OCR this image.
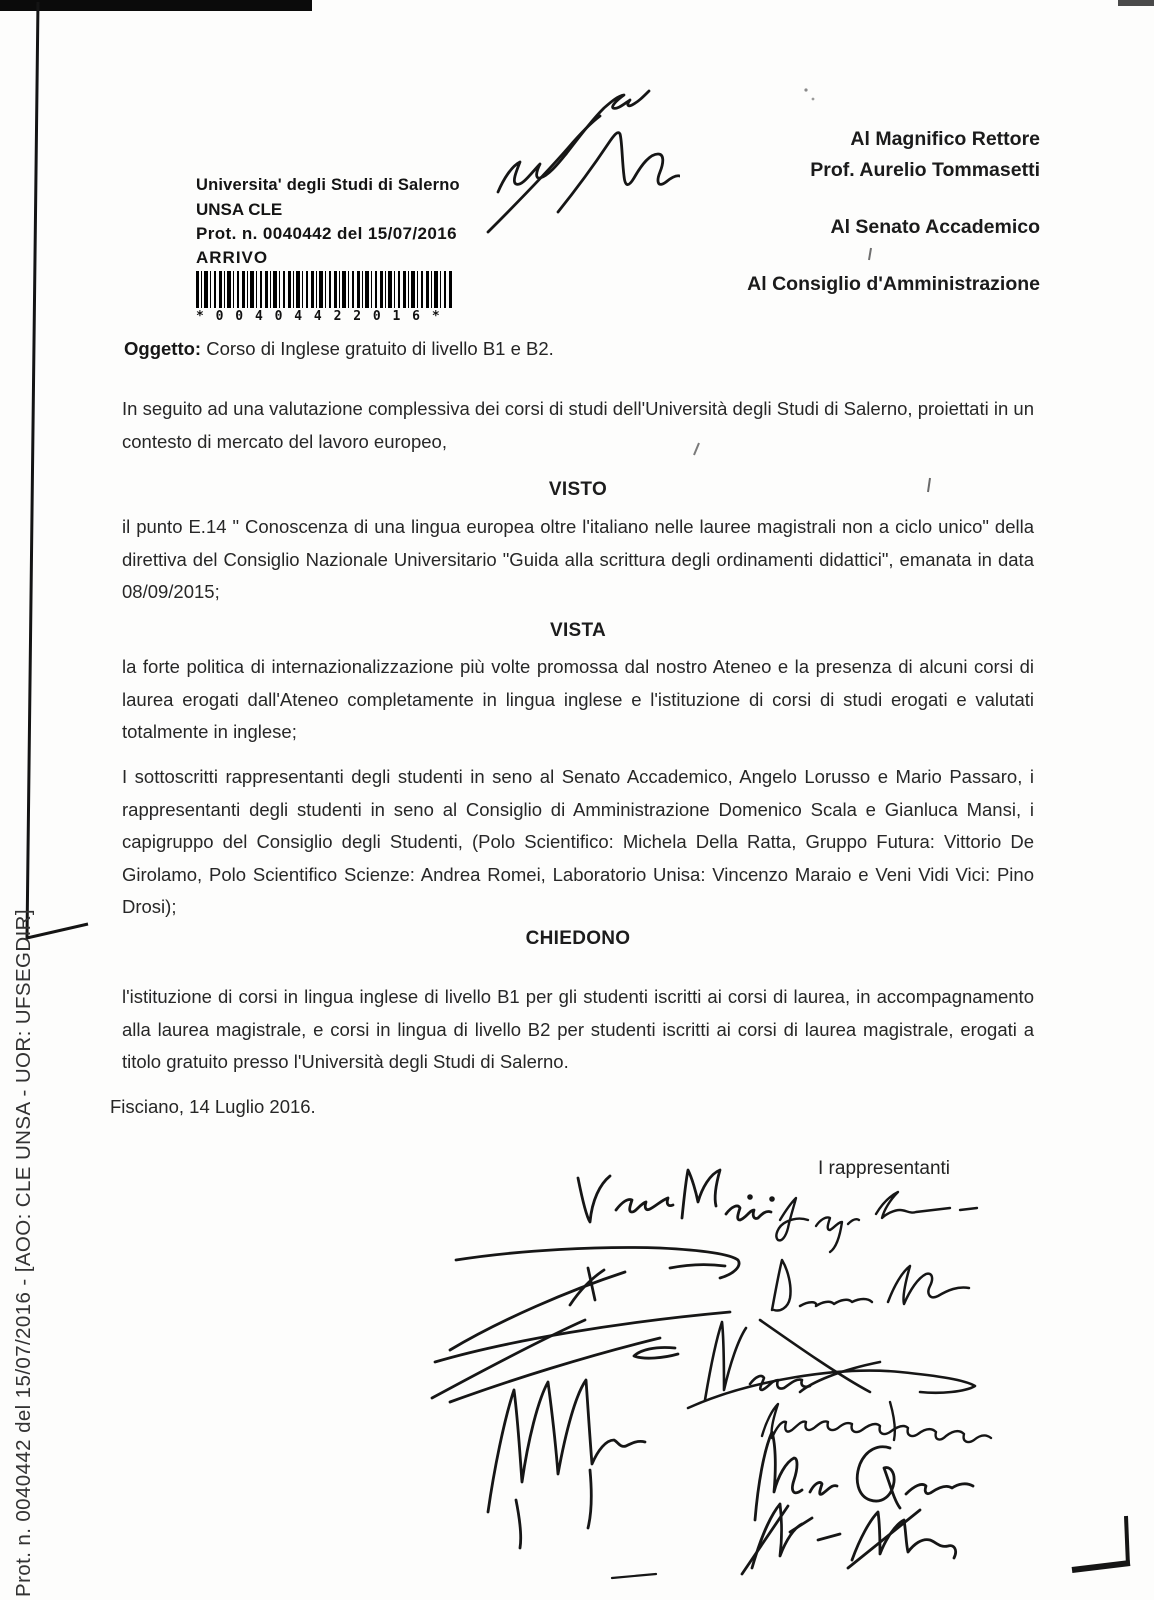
Universita' degli Studi di Salerno
UNSA CLE
Prot. n. 0040442 del 15/07/2016
ARRIVO
* 0 0 4 0 4 4 2 2 0 1 6 *
Al Magnifico Rettore
Prof. Aurelio Tommasetti
Al Senato Accademico
Al Consiglio d'Amministrazione
Oggetto: Corso di Inglese gratuito di livello B1 e B2.
In seguito ad una valutazione complessiva dei corsi di studi dell'Università degli Studi di Salerno, proiettati in un
contesto di mercato del lavoro europeo,
VISTO
il punto E.14 " Conoscenza di una lingua europea oltre l'italiano nelle lauree magistrali non a ciclo unico" della
direttiva del Consiglio Nazionale Universitario "Guida alla scrittura degli ordinamenti didattici", emanata in data
08/09/2015;
VISTA
la forte politica di internazionalizzazione più volte promossa dal nostro Ateneo e la presenza di alcuni corsi di
laurea erogati dall'Ateneo completamente in lingua inglese e l'istituzione di corsi di studi erogati e valutati
totalmente in inglese;
I sottoscritti rappresentanti degli studenti in seno al Senato Accademico, Angelo Lorusso e Mario Passaro, i
rappresentanti degli studenti in seno al Consiglio di Amministrazione Domenico Scala e Gianluca Mansi, i
capigruppo del Consiglio degli Studenti, (Polo Scientifico: Michela Della Ratta, Gruppo Futura: Vittorio De
Girolamo, Polo Scientifico Scienze: Andrea Romei, Laboratorio Unisa: Vincenzo Maraio e Veni Vidi Vici: Pino
Drosi);
CHIEDONO
l'istituzione di corsi in lingua inglese di livello B1 per gli studenti iscritti ai corsi di laurea, in accompagnamento
alla laurea magistrale, e corsi in lingua di livello B2 per studenti iscritti ai corsi di laurea magistrale, erogati a
titolo gratuito presso l'Università degli Studi di Salerno.
Fisciano, 14 Luglio 2016.
I rappresentanti
Prot. n. 0040442 del 15/07/2016 - [AOO: CLE UNSA - UOR: UFSEGDIR]
